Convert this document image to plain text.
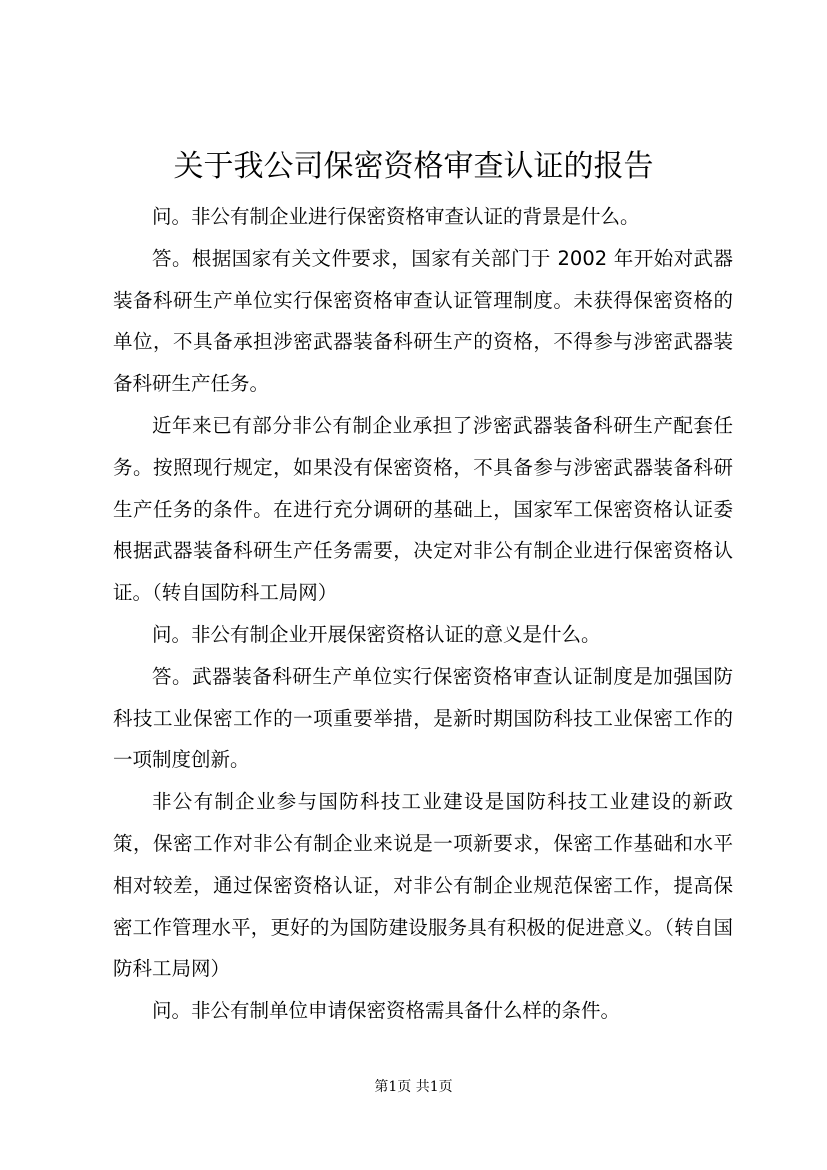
关于我公司保密资格审查认证的报告

问。非公有制企业进行保密资格审查认证的背景是什么。

答。根据国家有关文件要求，国家有关部门于 2002 年开始对武器装备科研生产单位实行保密资格审查认证管理制度。未获得保密资格的单位，不具备承担涉密武器装备科研生产的资格，不得参与涉密武器装备科研生产任务。

近年来已有部分非公有制企业承担了涉密武器装备科研生产配套任务。按照现行规定，如果没有保密资格，不具备参与涉密武器装备科研生产任务的条件。在进行充分调研的基础上，国家军工保密资格认证委根据武器装备科研生产任务需要，决定对非公有制企业进行保密资格认证。（转自国防科工局网）

问。非公有制企业开展保密资格认证的意义是什么。

答。武器装备科研生产单位实行保密资格审查认证制度是加强国防科技工业保密工作的一项重要举措，是新时期国防科技工业保密工作的一项制度创新。

非公有制企业参与国防科技工业建设是国防科技工业建设的新政策，保密工作对非公有制企业来说是一项新要求，保密工作基础和水平相对较差，通过保密资格认证，对非公有制企业规范保密工作，提高保密工作管理水平，更好的为国防建设服务具有积极的促进意义。（转自国防科工局网）

问。非公有制单位申请保密资格需具备什么样的条件。

第1页 共1页
